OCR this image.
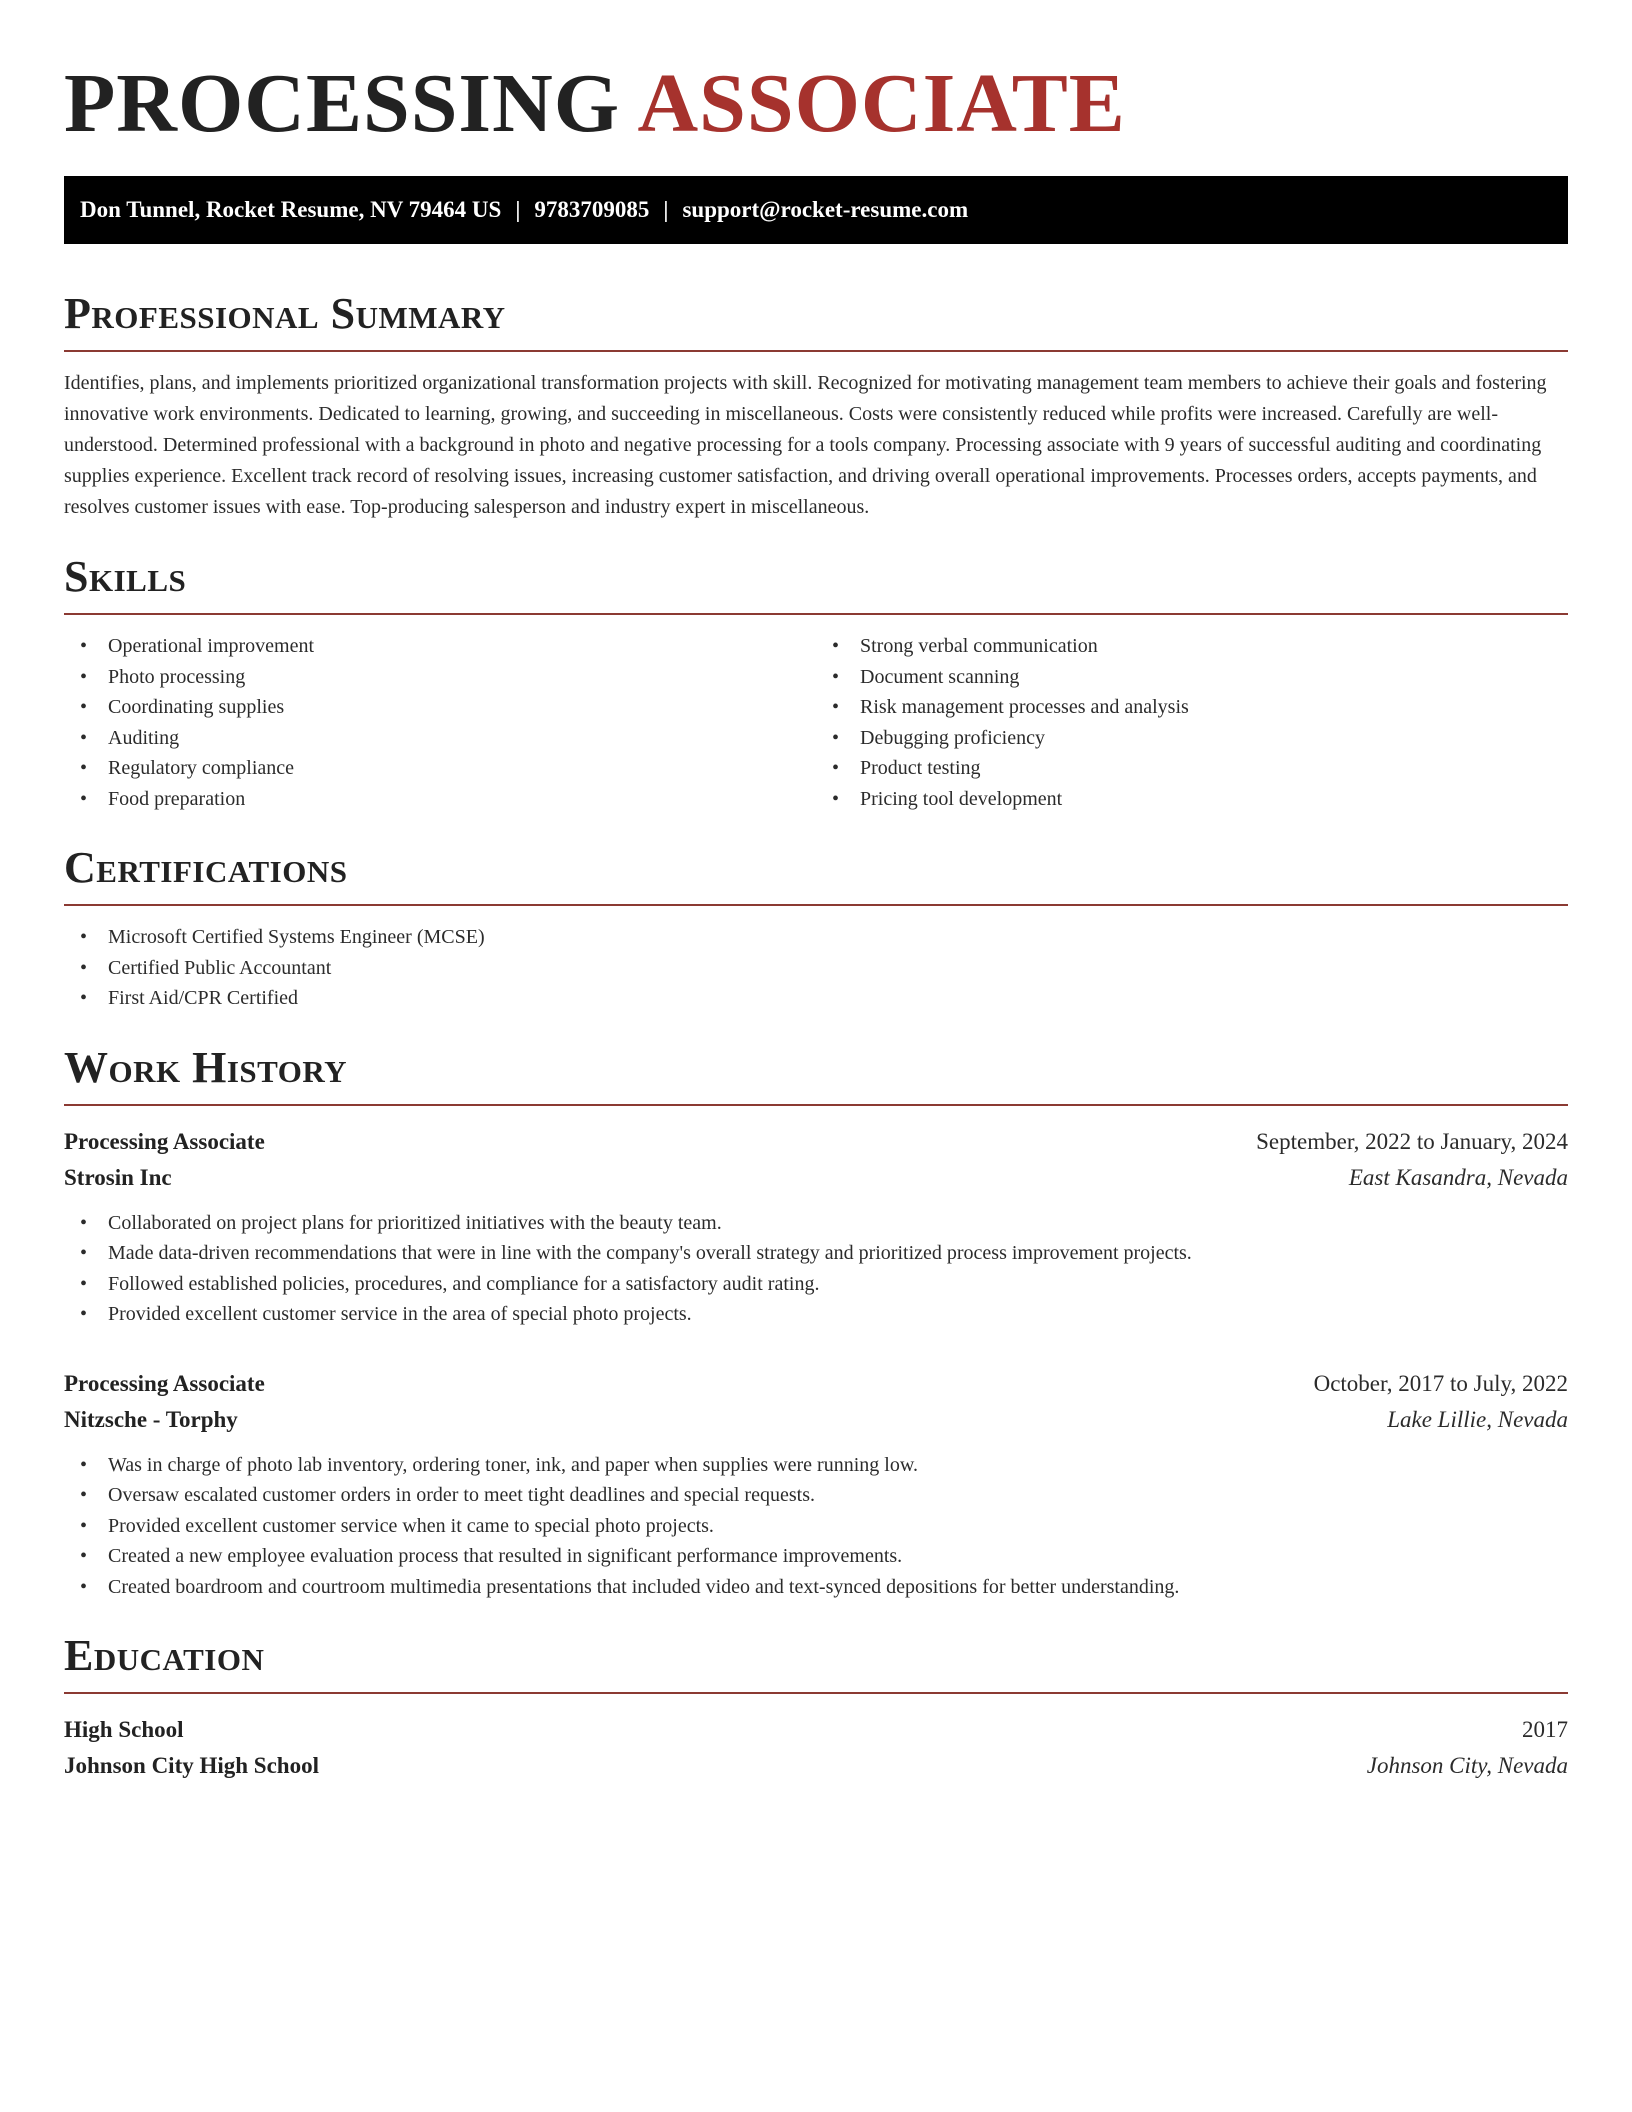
PROCESSING ASSOCIATE
Don Tunnel, Rocket Resume, NV 79464 US | 9783709085 | support@rocket-resume.com
Professional Summary

Identifies, plans, and implements prioritized organizational transformation projects with skill. Recognized for motivating management team members to achieve their goals and fostering innovative work environments. Dedicated to learning, growing, and succeeding in miscellaneous. Costs were consistently reduced while profits were increased. Carefully are well-understood. Determined professional with a background in photo and negative processing for a tools company. Processing associate with 9 years of successful auditing and coordinating supplies experience. Excellent track record of resolving issues, increasing customer satisfaction, and driving overall operational improvements. Processes orders, accepts payments, and resolves customer issues with ease. Top-producing salesperson and industry expert in miscellaneous.

Skills
• Operational improvement
• Photo processing
• Coordinating supplies
• Auditing
• Regulatory compliance
• Food preparation
• Strong verbal communication
• Document scanning
• Risk management processes and analysis
• Debugging proficiency
• Product testing
• Pricing tool development
Certifications
• Microsoft Certified Systems Engineer (MCSE)
• Certified Public Accountant
• First Aid/CPR Certified
Work History
Processing Associate	September, 2022 to January, 2024
Strosin Inc	East Kasandra, Nevada
• Collaborated on project plans for prioritized initiatives with the beauty team.
• Made data-driven recommendations that were in line with the company's overall strategy and prioritized process improvement projects.
• Followed established policies, procedures, and compliance for a satisfactory audit rating.
• Provided excellent customer service in the area of special photo projects.
Processing Associate	October, 2017 to July, 2022
Nitzsche - Torphy	Lake Lillie, Nevada
• Was in charge of photo lab inventory, ordering toner, ink, and paper when supplies were running low.
• Oversaw escalated customer orders in order to meet tight deadlines and special requests.
• Provided excellent customer service when it came to special photo projects.
• Created a new employee evaluation process that resulted in significant performance improvements.
• Created boardroom and courtroom multimedia presentations that included video and text-synced depositions for better understanding.
Education
High School	2017
Johnson City High School	Johnson City, Nevada
